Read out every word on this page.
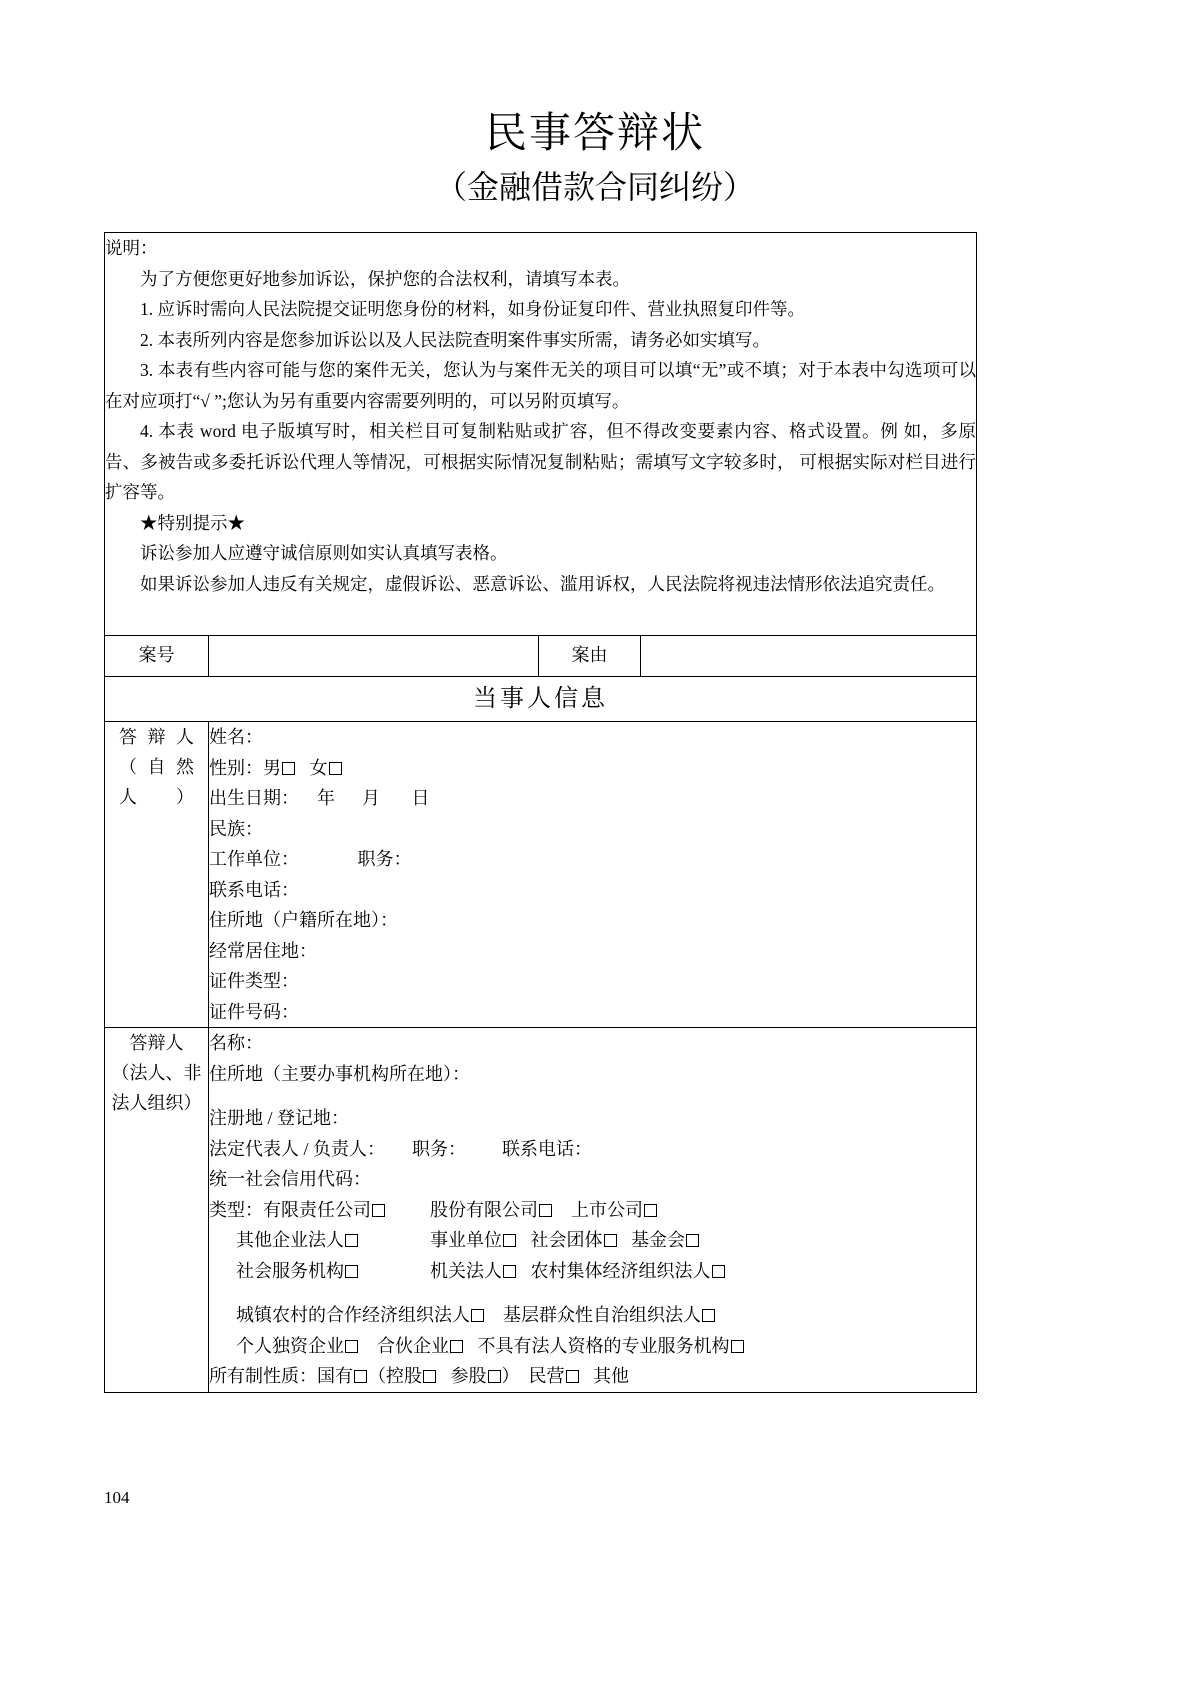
民事答辩状
（金融借款合同纠纷）

说明：

为了方便您更好地参加诉讼，保护您的合法权利，请填写本表。

1. 应诉时需向人民法院提交证明您身份的材料，如身份证复印件、营业执照复印件等。

2. 本表所列内容是您参加诉讼以及人民法院查明案件事实所需，请务必如实填写。

3. 本表有些内容可能与您的案件无关，您认为与案件无关的项目可以填“无”或不填；对于本表中勾选项可以在对应项打“√ ”;您认为另有重要内容需要列明的，可以另附页填写。

4. 本表 word 电子版填写时，相关栏目可复制粘贴或扩容，但不得改变要素内容、格式设置。例 如，多原告、多被告或多委托诉讼代理人等情况，可根据实际情况复制粘贴；需填写文字较多时， 可根据实际对栏目进行扩容等。

★特别提示★

诉讼参加人应遵守诚信原则如实认真填写表格。

如果诉讼参加人违反有关规定，虚假诉讼、恶意诉讼、滥用诉权，人民法院将视违法情形依法追究责任。

案号		案由	
当事人信息

答辩人 （自然人）

姓名：
性别：男 女
出生日期： 年 月 日
民族：
工作单位：	职务：
联系电话：
住所地（户籍所在地）：
经常居住地：
证件类型：
证件号码：

答辩人
（法人、非法人组织）

名称：
住所地（主要办事机构所在地）：
注册地 / 登记地：
法定代表人 / 负责人： 职务： 联系电话：
统一社会信用代码：
类型：有限责任公司	股份有限公司 上市公司
其他企业法人	事业单位 社会团体 基金会
社会服务机构	机关法人 农村集体经济组织法人
城镇农村的合作经济组织法人 基层群众性自治组织法人
个人独资企业 合伙企业 不具有法人资格的专业服务机构
所有制性质：国有 （控股 参股 ） 民营 其他
104
